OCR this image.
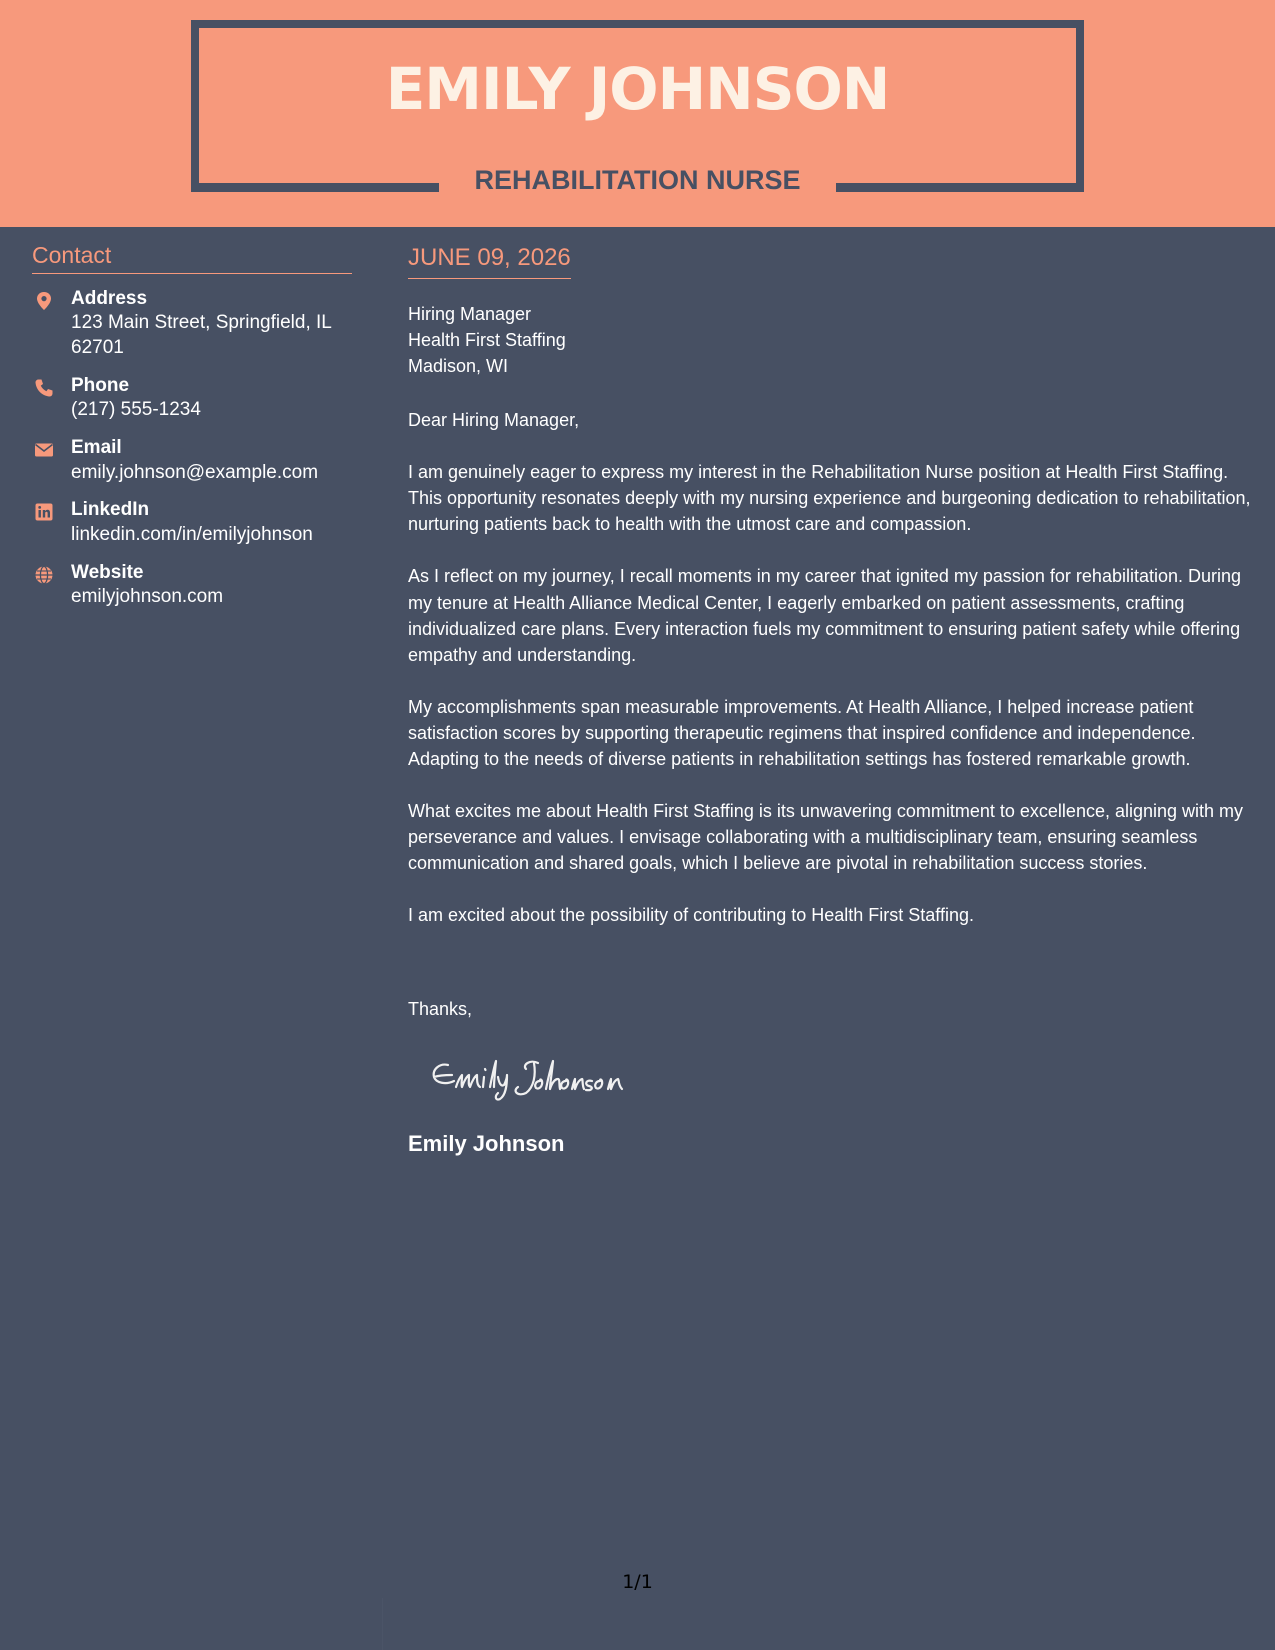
EMILY JOHNSON
REHABILITATION NURSE
Contact
Address
123 Main Street, Springfield, IL 62701
Phone
(217) 555-1234
Email
emily.johnson@example.com
LinkedIn
linkedin.com/in/emilyjohnson
Website
emilyjohnson.com
JUNE 09, 2026
Hiring Manager
Health First Staffing
Madison, WI
Dear Hiring Manager,
I am genuinely eager to express my interest in the Rehabilitation Nurse position at Health First Staffing. This opportunity resonates deeply with my nursing experience and burgeoning dedication to rehabilitation, nurturing patients back to health with the utmost care and compassion.
As I reflect on my journey, I recall moments in my career that ignited my passion for rehabilitation. During my tenure at Health Alliance Medical Center, I eagerly embarked on patient assessments, crafting individualized care plans. Every interaction fuels my commitment to ensuring patient safety while offering empathy and understanding.
My accomplishments span measurable improvements. At Health Alliance, I helped increase patient satisfaction scores by supporting therapeutic regimens that inspired confidence and independence. Adapting to the needs of diverse patients in rehabilitation settings has fostered remarkable growth.
What excites me about Health First Staffing is its unwavering commitment to excellence, aligning with my perseverance and values. I envisage collaborating with a multidisciplinary team, ensuring seamless communication and shared goals, which I believe are pivotal in rehabilitation success stories.
I am excited about the possibility of contributing to Health First Staffing.
Thanks,
Emily Johnson
1/1
